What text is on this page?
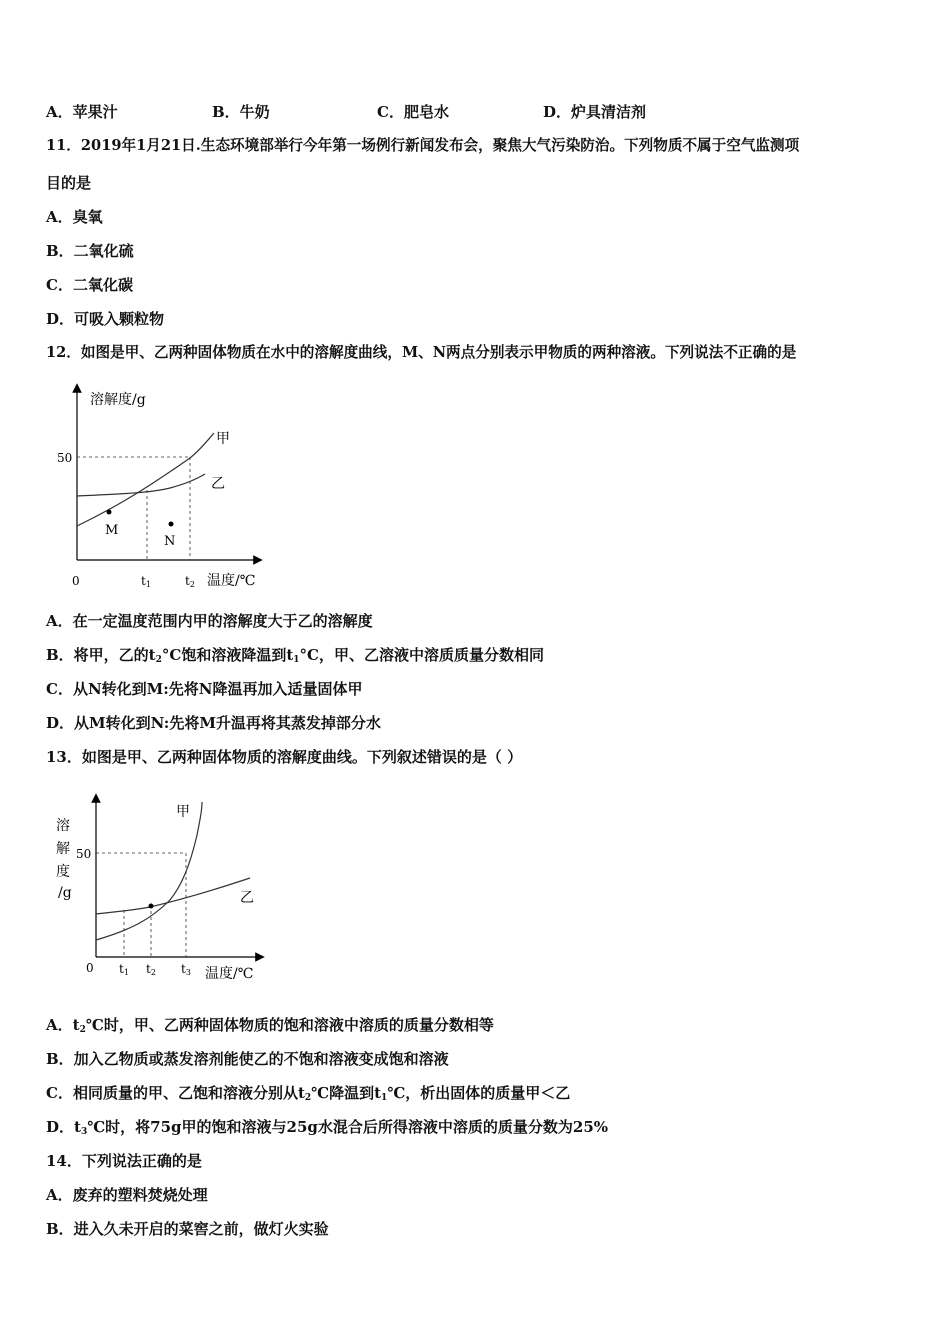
A．苹果汁	B．牛奶	C．肥皂水	D．炉具清洁剂
11．2019年1月21日.生态环境部举行今年第一场例行新闻发布会，聚焦大气污染防治。下列物质不属于空气监测项
目的是
A．臭氧
B．二氧化硫
C．二氧化碳
D．可吸入颗粒物
12．如图是甲、乙两种固体物质在水中的溶解度曲线，M、N两点分别表示甲物质的两种溶液。下列说法不正确的是
溶解度/g
50
0	t1	t2 温度/℃
甲
乙
M
N
A．在一定温度范围内甲的溶解度大于乙的溶解度
B．将甲，乙的$t_2^\circ C$饱和溶液降温到$t_1^\circ C$，甲、乙溶液中溶质质量分数相同
C．从N转化到M:先将N降温再加入适量固体甲
D．从M转化到N:先将M升温再将其蒸发掉部分水
13．如图是甲、乙两种固体物质的溶解度曲线。下列叙述错误的是（ ）
溶
解
度
/g
50
0 t1 t2 t3 温度/℃
甲
乙
A．$t_2℃$时，甲、乙两种固体物质的饱和溶液中溶质的质量分数相等
B．加入乙物质或蒸发溶剂能使乙的不饱和溶液变成饱和溶液
C．相同质量的甲、乙饱和溶液分别从$t_2℃$降温到$t_1℃$，析出固体的质量甲＜乙
D．$t_3℃$时，将75g甲的饱和溶液与25g水混合后所得溶液中溶质的质量分数为25%
14．下列说法正确的是
A．废弃的塑料焚烧处理
B．进入久未开启的菜窖之前，做灯火实验
